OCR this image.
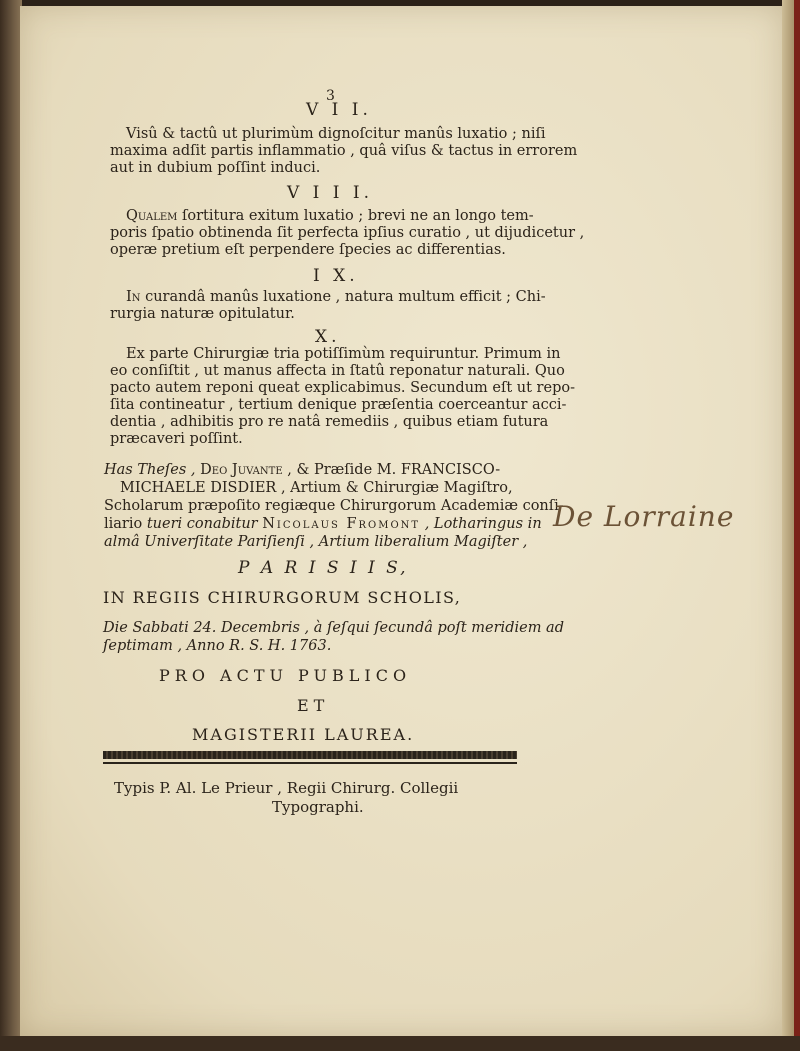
3
V I I.
Visû & tactû ut plurimùm dignoſcitur manûs luxatio ; niſi
maxima adſit partis inflammatio , quâ viſus & tactus in errorem
aut in dubium poſſint induci.
V I I I.
Qualem ſortitura exitum luxatio ; brevi ne an longo tem-
poris ſpatio obtinenda ſit perfecta ipſius curatio , ut dijudicetur ,
operæ pretium eſt perpendere ſpecies ac differentias.
I X.
In curandâ manûs luxatione , natura multum efficit ; Chi-
rurgia naturæ opitulatur.
X.
Ex parte Chirurgiæ tria potiſſimùm requiruntur. Primum in
eo conſiſtit , ut manus affecta in ſtatû reponatur naturali. Quo
pacto autem reponi queat explicabimus. Secundum eſt ut repo-
ſita contineatur , tertium denique præſentia coerceantur acci-
dentia , adhibitis pro re natâ remediis , quibus etiam futura
præcaveri poſſint.
Has Theſes , Deo Juvante , & Præſide M. FRANCISCO-
MICHAELE DISDIER , Artium & Chirurgiæ Magiſtro,
Scholarum præpoſito regiæque Chirurgorum Academiæ conſi-
liario tueri conabitur Nicolaus Fromont , Lotharingus in
almâ Univerſitate Pariſienſi , Artium liberalium Magiſter ,
P A R I S I I S,
IN REGIIS CHIRURGORUM SCHOLIS,
Die Sabbati 24. Decembris , à ſeſqui ſecundâ poſt meridiem ad
ſeptimam , Anno R. S. H. 1763.
PRO ACTU PUBLICO
ET
MAGISTERII LAUREA.
Typis P. Al. Le Prieur , Regii Chirurg. Collegii
Typographi.
De Lorraine
